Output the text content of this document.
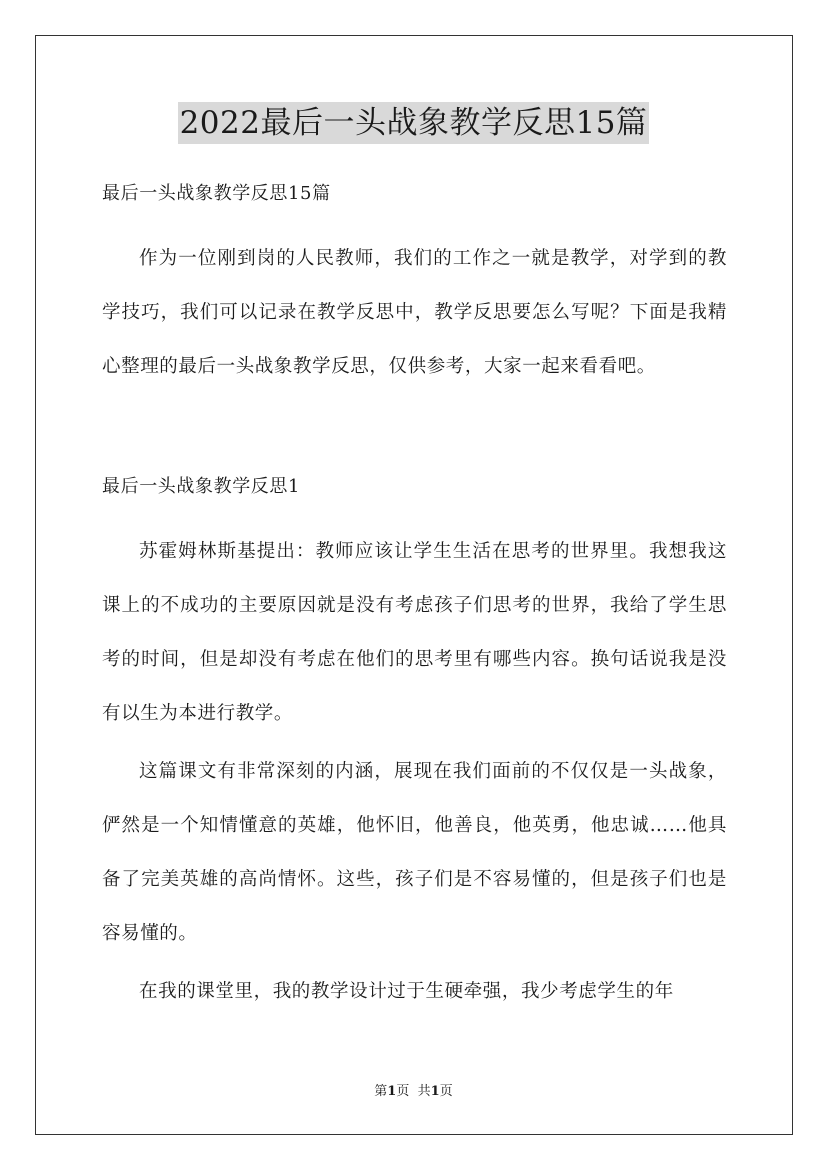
2022最后一头战象教学反思15篇

最后一头战象教学反思15篇

作为一位刚到岗的人民教师，我们的工作之一就是教学，对学到的教学技巧，我们可以记录在教学反思中，教学反思要怎么写呢？下面是我精心整理的最后一头战象教学反思，仅供参考，大家一起来看看吧。

最后一头战象教学反思1

苏霍姆林斯基提出：教师应该让学生生活在思考的世界里。我想我这课上的不成功的主要原因就是没有考虑孩子们思考的世界，我给了学生思考的时间，但是却没有考虑在他们的思考里有哪些内容。换句话说我是没有以生为本进行教学。

这篇课文有非常深刻的内涵，展现在我们面前的不仅仅是一头战象，俨然是一个知情懂意的英雄，他怀旧，他善良，他英勇，他忠诚……他具备了完美英雄的高尚情怀。这些，孩子们是不容易懂的，但是孩子们也是容易懂的。

在我的课堂里，我的教学设计过于生硬牵强，我少考虑学生的年

第1页 共1页
